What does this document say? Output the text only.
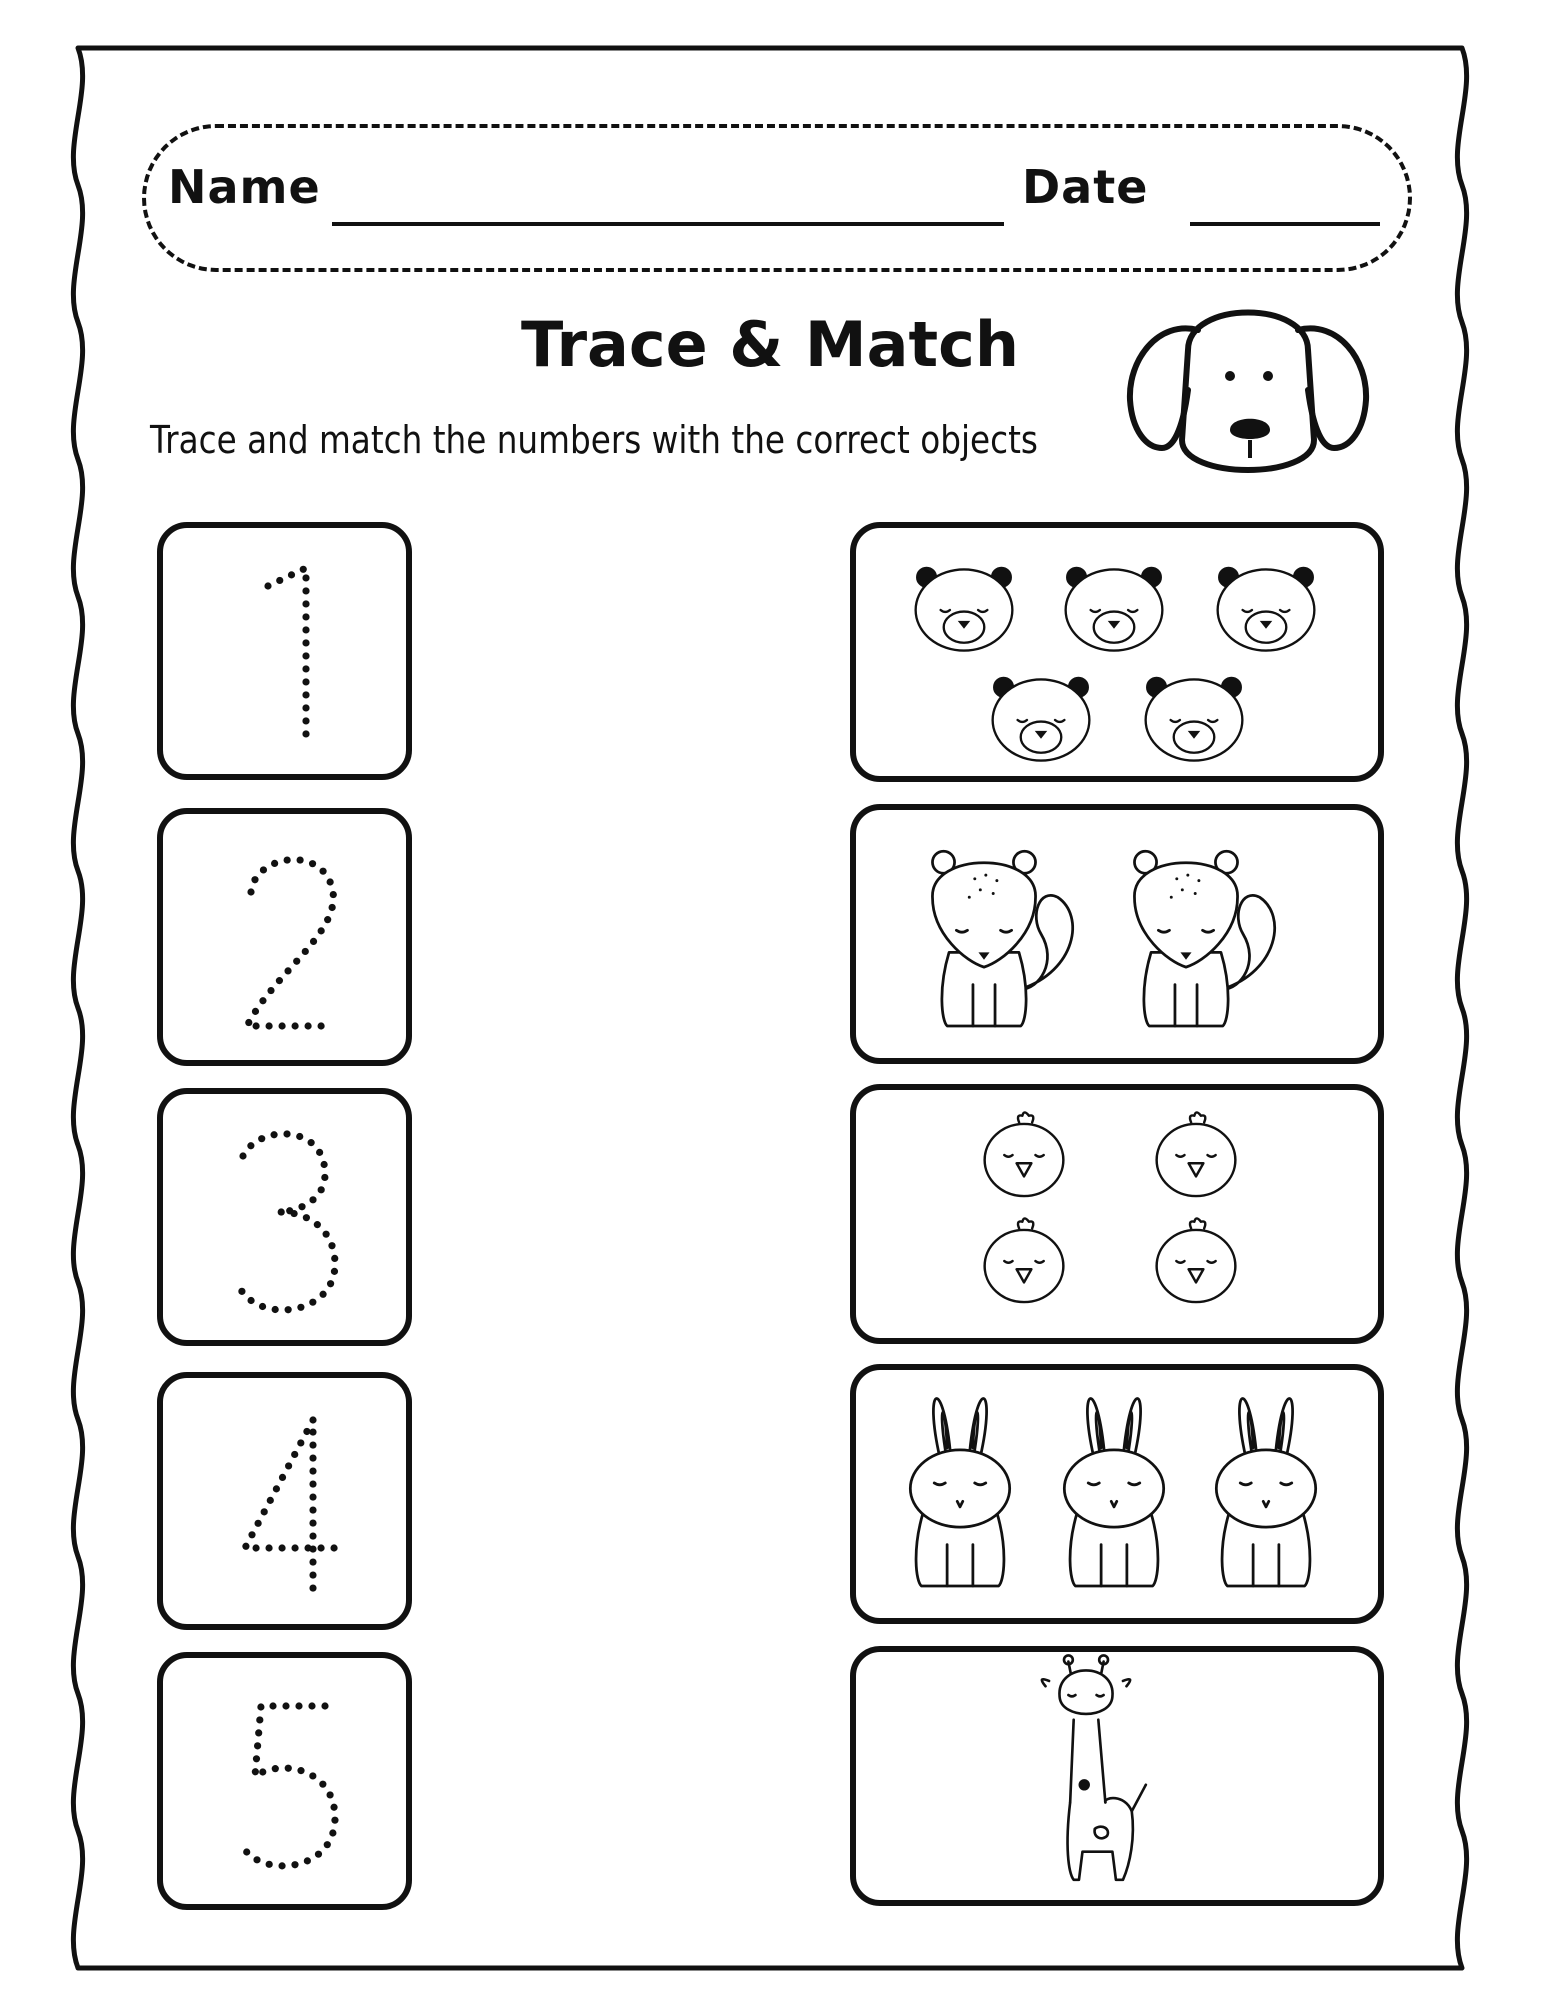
Name	Date
Trace & Match
Trace and match the numbers with the correct objects
